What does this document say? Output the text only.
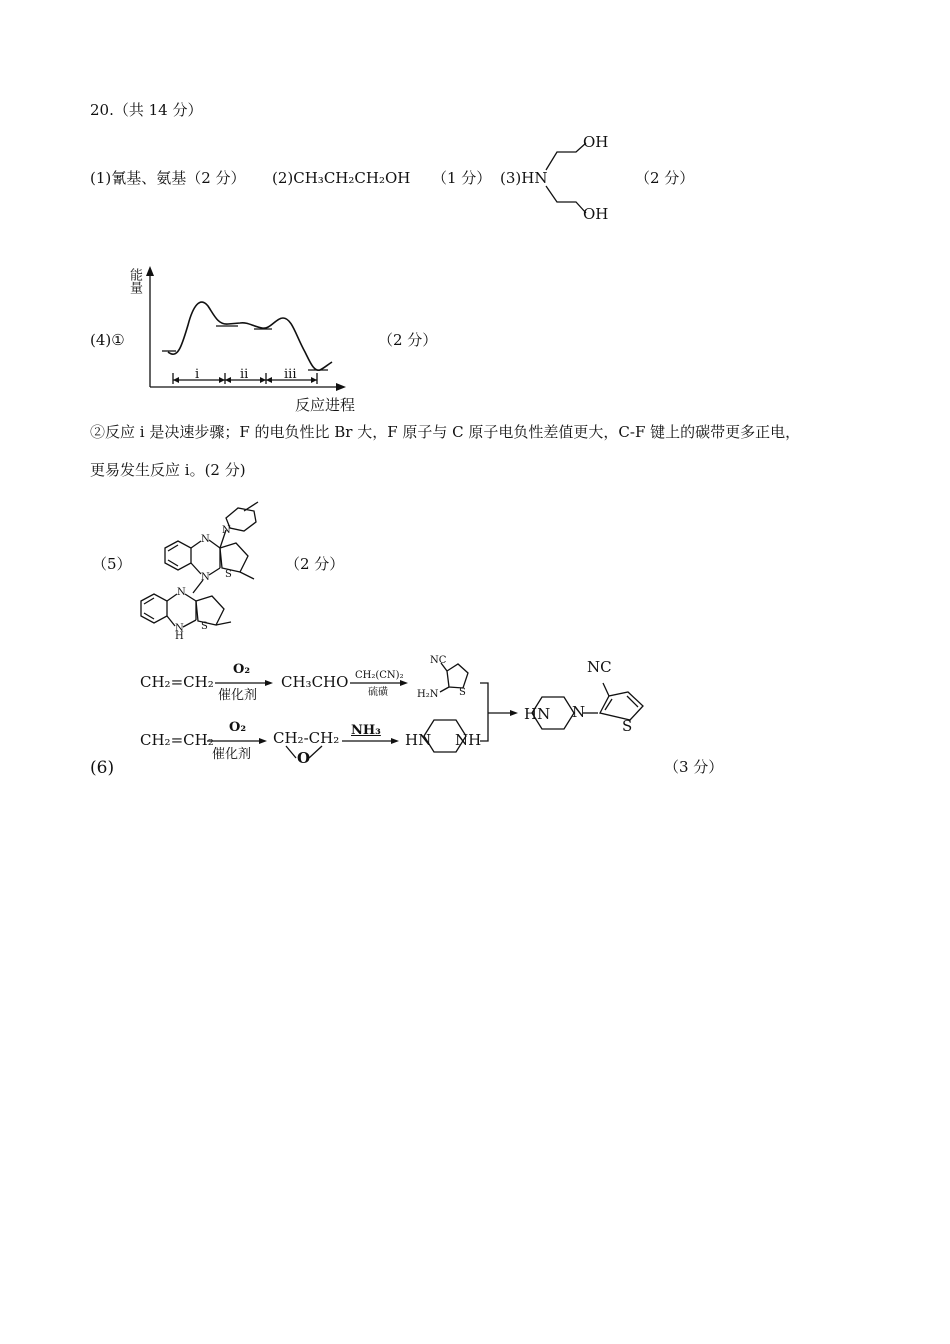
20.（共 14 分）
(1)氰基、氨基（2 分） (2)CH₃CH₂CH₂OH （1 分） (3)HN
OH
OH
（2 分）
(4)①
能量
反应进程
i	ii	iii
（2 分）
②反应 i 是决速步骤；F 的电负性比 Br 大，F 原子与 C 原子电负性差值更大，C-F 键上的碳带更多正电，
更易发生反应 i。(2 分)
（5）	（2 分）
N
N
N
S
N
N
H
S
CH₂=CH₂
O₂
催化剂
CH₃CHO CH₂(CN)₂
硫磺
NC
H₂N S
CH₂=CH₂
O₂
催化剂
CH₂-CH₂
O
NH₃
HN NH
NC
HN N
S
(6)	（3 分）
